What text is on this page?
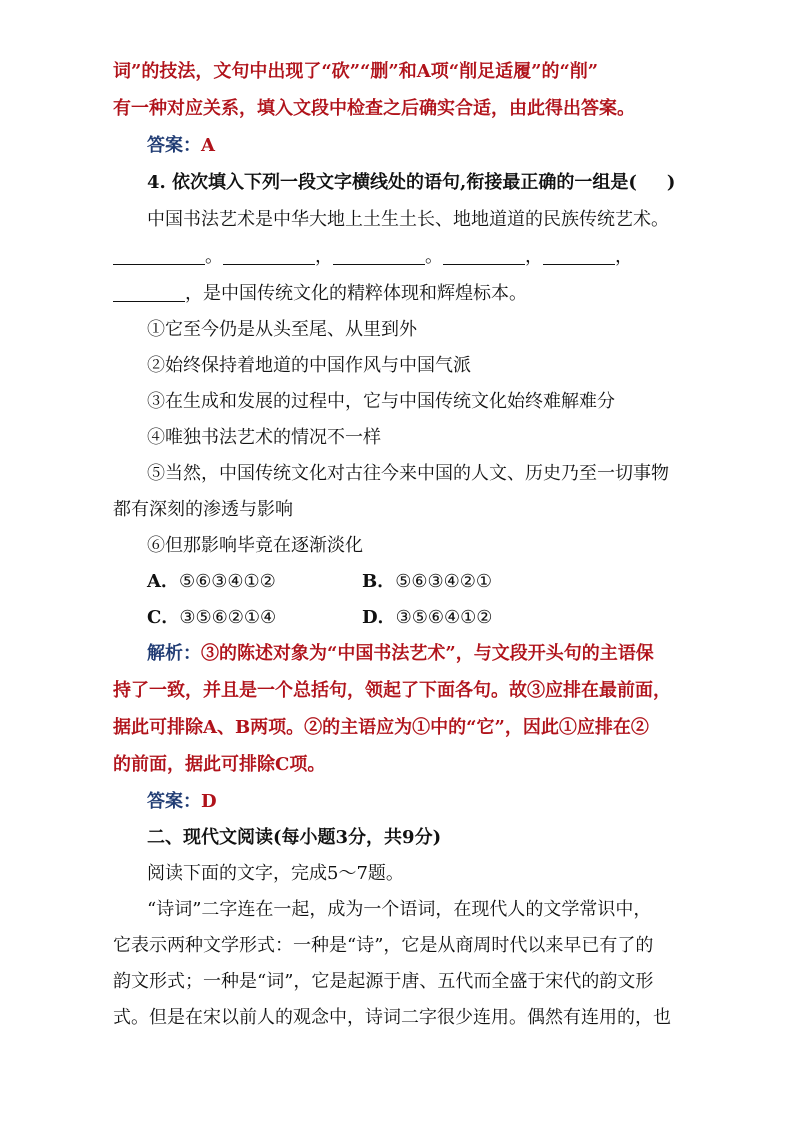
词”的技法，文句中出现了“砍”“删”和A项“削足适履”的“削”
有一种对应关系，填入文段中检查之后确实合适，由此得出答案。
答案：A
4. 依次填入下列一段文字横线处的语句,衔接最正确的一组是( )
中国书法艺术是中华大地上土生土长、地地道道的民族传统艺术。
。	，	。	，	，
，是中国传统文化的精粹体现和辉煌标本。
①它至今仍是从头至尾、从里到外
②始终保持着地道的中国作风与中国气派
③在生成和发展的过程中，它与中国传统文化始终难解难分
④唯独书法艺术的情况不一样
⑤当然，中国传统文化对古往今来中国的人文、历史乃至一切事物
都有深刻的渗透与影响
⑥但那影响毕竟在逐渐淡化
A．⑤⑥③④①②	B．⑤⑥③④②①
C．③⑤⑥②①④	D．③⑤⑥④①②
解析：③的陈述对象为“中国书法艺术”，与文段开头句的主语保
持了一致，并且是一个总括句，领起了下面各句。故③应排在最前面，
据此可排除A、B两项。②的主语应为①中的“它”，因此①应排在②
的前面，据此可排除C项。
答案：D
二、现代文阅读(每小题3分，共9分)
阅读下面的文字，完成5～7题。
“诗词”二字连在一起，成为一个语词，在现代人的文学常识中，
它表示两种文学形式：一种是“诗”，它是从商周时代以来早已有了的
韵文形式；一种是“词”，它是起源于唐、五代而全盛于宋代的韵文形
式。但是在宋以前人的观念中，诗词二字很少连用。偶然有连用的，也
